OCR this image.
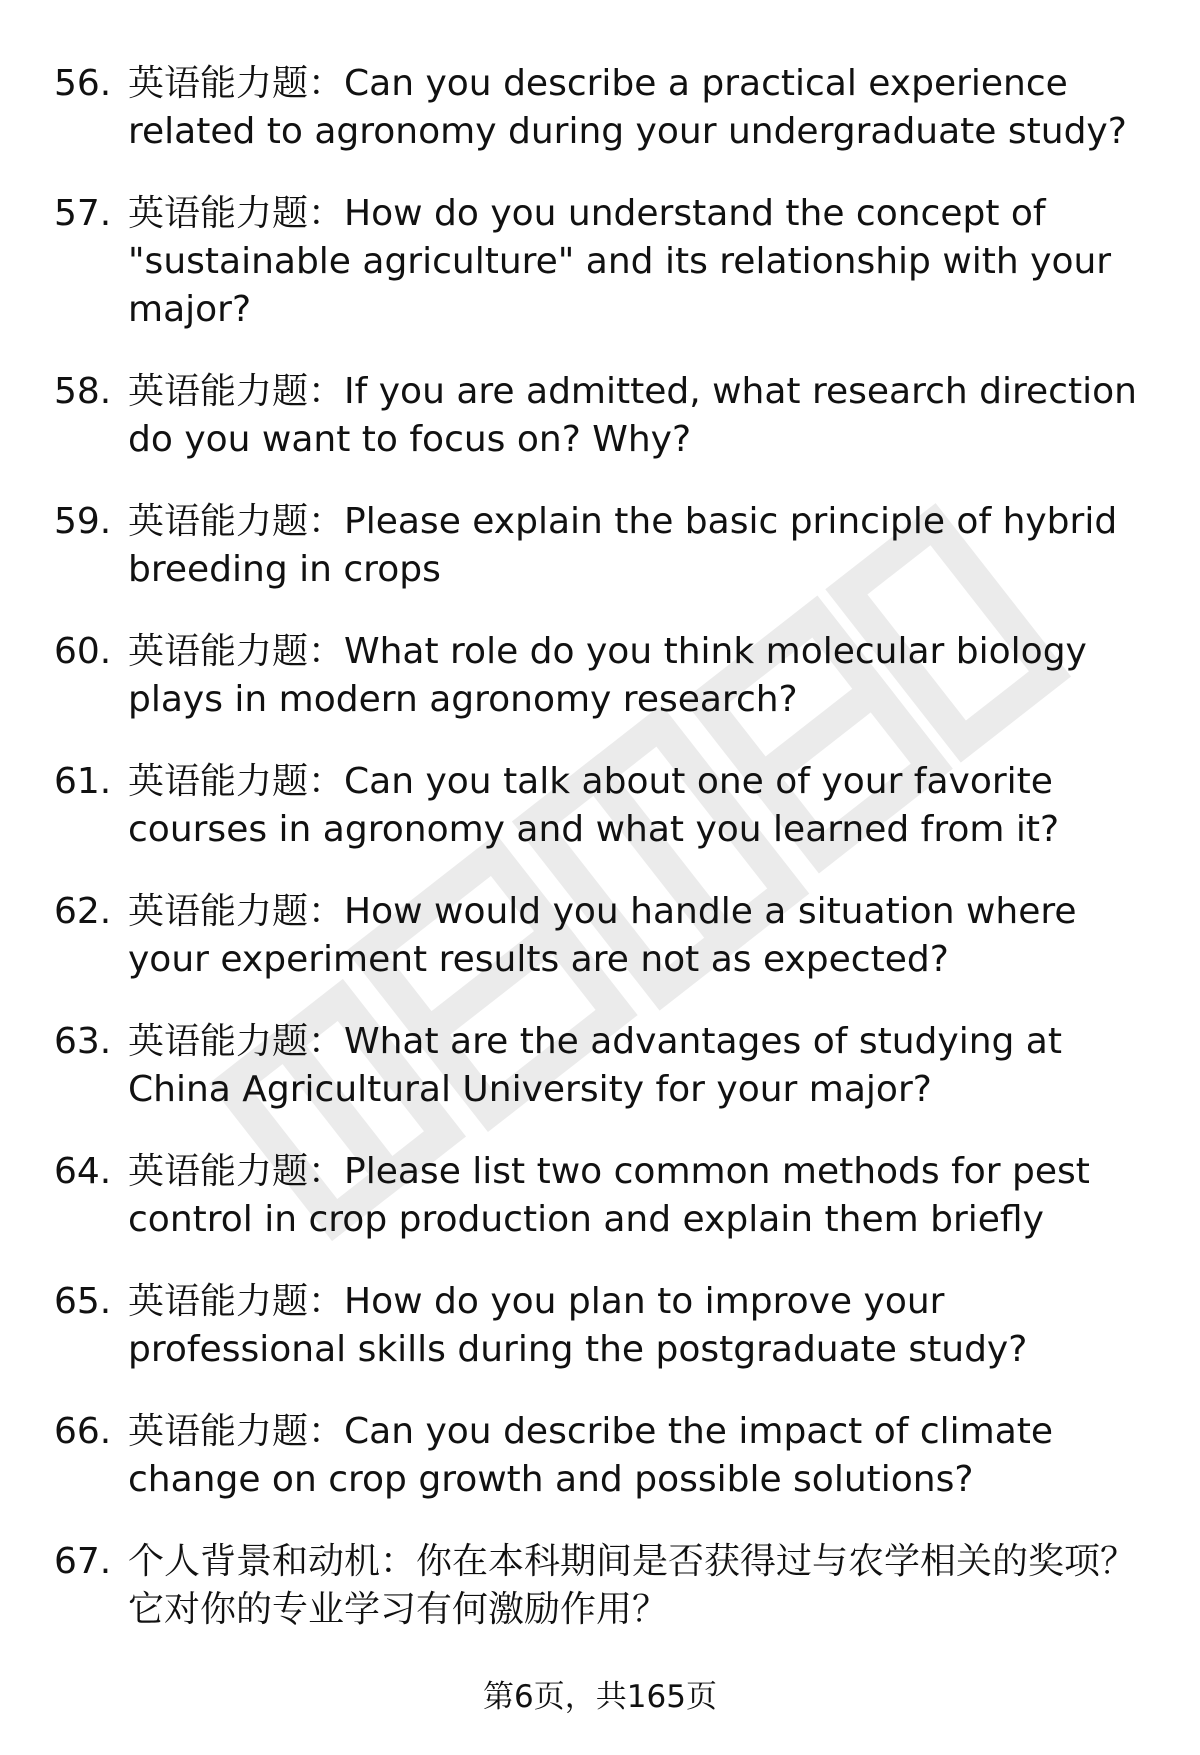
56. 英语能力题：Can you describe a practical experience related to agronomy during your undergraduate study?
57. 英语能力题：How do you understand the concept of "sustainable agriculture" and its relationship with your major?
58. 英语能力题：If you are admitted, what research direction do you want to focus on? Why?
59. 英语能力题：Please explain the basic principle of hybrid breeding in crops
60. 英语能力题：What role do you think molecular biology plays in modern agronomy research?
61. 英语能力题：Can you talk about one of your favorite courses in agronomy and what you learned from it?
62. 英语能力题：How would you handle a situation where your experiment results are not as expected?
63. 英语能力题：What are the advantages of studying at China Agricultural University for your major?
64. 英语能力题：Please list two common methods for pest control in crop production and explain them briefly
65. 英语能力题：How do you plan to improve your professional skills during the postgraduate study?
66. 英语能力题：Can you describe the impact of climate change on crop growth and possible solutions?
67. 个人背景和动机：你在本科期间是否获得过与农学相关的奖项？它对你的专业学习有何激励作用？
第6页，共165页
